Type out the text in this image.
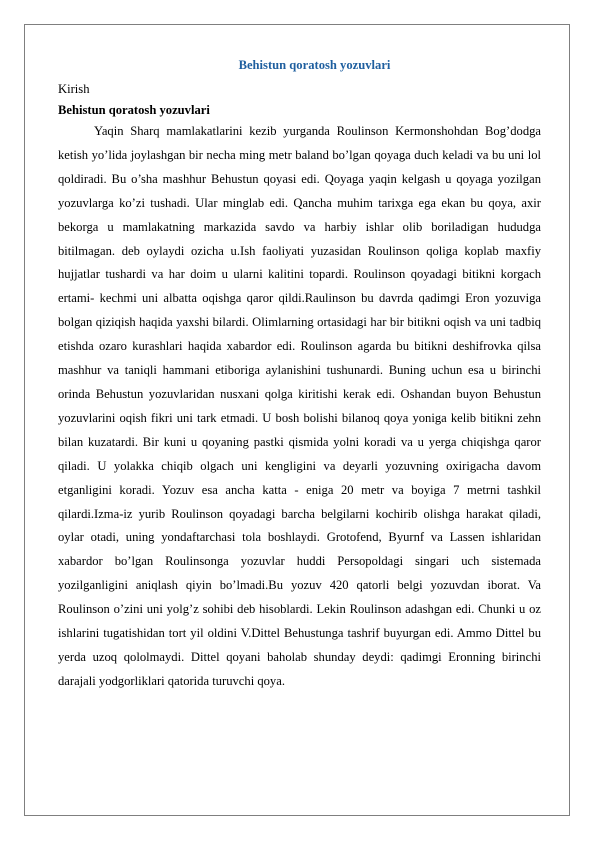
Behistun qoratosh yozuvlari

Kirish

Behistun qoratosh yozuvlari

Yaqin Sharq mamlakatlarini kezib yurganda Roulinson Kermonshohdan Bog’dodga ketish yo’lida joylashgan bir necha ming metr baland bo’lgan qoyaga duch keladi va bu uni lol qoldiradi. Bu o’sha mashhur Behustun qoyasi edi. Qoyaga yaqin kelgash u qoyaga yozilgan yozuvlarga ko’zi tushadi. Ular minglab edi. Qancha muhim tarixga ega ekan bu qoya, axir bekorga u mamlakatning markazida savdo va harbiy ishlar olib boriladigan hududga bitilmagan. deb oylaydi ozicha u.Ish faoliyati yuzasidan Roulinson qoliga koplab maxfiy hujjatlar tushardi va har doim u ularni kalitini topardi. Roulinson qoyadagi bitikni korgach ertami- kechmi uni albatta oqishga qaror qildi.Raulinson bu davrda qadimgi Eron yozuviga bolgan qiziqish haqida yaxshi bilardi. Olimlarning ortasidagi har bir bitikni oqish va uni tadbiq etishda ozaro kurashlari haqida xabardor edi. Roulinson agarda bu bitikni deshifrovka qilsa mashhur va taniqli hammani etiboriga aylanishini tushunardi. Buning uchun esa u birinchi orinda Behustun yozuvlaridan nusxani qolga kiritishi kerak edi. Oshandan buyon Behustun yozuvlarini oqish fikri uni tark etmadi. U bosh bolishi bilanoq qoya yoniga kelib bitikni zehn bilan kuzatardi. Bir kuni u qoyaning pastki qismida yolni koradi va u yerga chiqishga qaror qiladi. U yolakka chiqib olgach uni kengligini va deyarli yozuvning oxirigacha davom etganligini koradi. Yozuv esa ancha katta - eniga 20 metr va boyiga 7 metrni tashkil qilardi.Izma-iz yurib Roulinson qoyadagi barcha belgilarni kochirib olishga harakat qiladi, oylar otadi, uning yondaftarchasi tola boshlaydi. Grotofend, Byurnf va Lassen ishlaridan xabardor bo’lgan Roulinsonga yozuvlar huddi Persopoldagi singari uch sistemada yozilganligini aniqlash qiyin bo’lmadi.Bu yozuv 420 qatorli belgi yozuvdan iborat. Va Roulinson o’zini uni yolg’z sohibi deb hisoblardi. Lekin Roulinson adashgan edi. Chunki u oz ishlarini tugatishidan tort yil oldini V.Dittel Behustunga tashrif buyurgan edi. Ammo Dittel bu yerda uzoq qololmaydi. Dittel qoyani baholab shunday deydi: qadimgi Eronning birinchi darajali yodgorliklari qatorida turuvchi qoya.
